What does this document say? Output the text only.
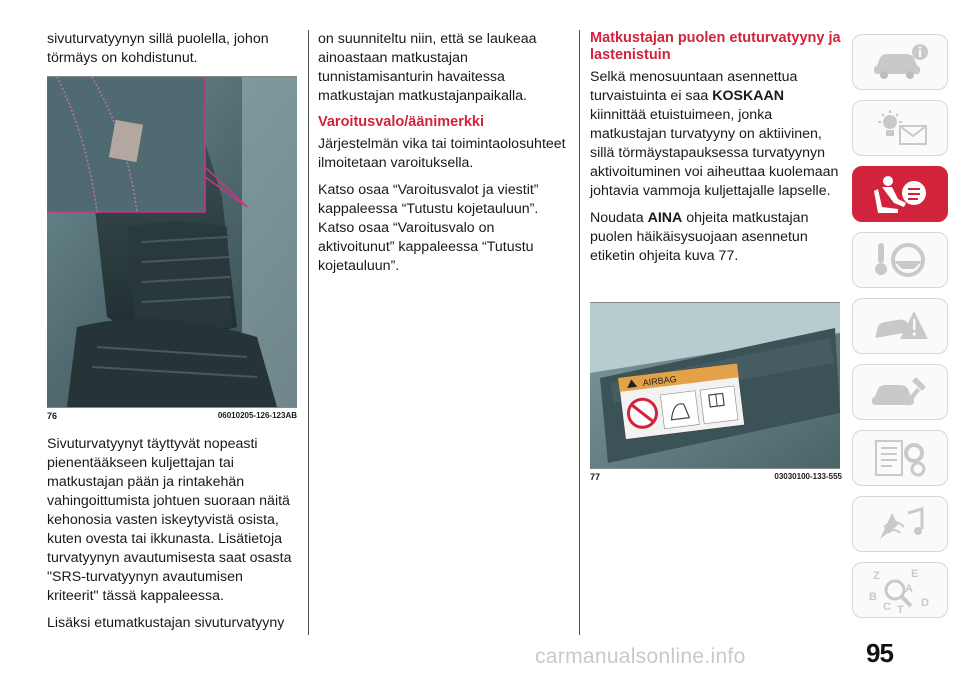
sivuturvatyynyn sillä puolella, johon törmäys on kohdistunut.

76	06010205-126-123AB

Sivuturvatyynyt täyttyvät nopeasti pienentääkseen kuljettajan tai matkustajan pään ja rintakehän vahingoittumista johtuen suoraan näitä kehonosia vasten iskeytyvistä osista, kuten ovesta tai ikkunasta. Lisätietoja turvatyynyn avautumisesta saat osasta "SRS-turvatyynyn avautumisen kriteerit" tässä kappaleessa.

Lisäksi etumatkustajan sivuturvatyyny

on suunniteltu niin, että se laukeaa ainoastaan matkustajan tunnistamisanturin havaitessa matkustajan matkustajanpaikalla.

Varoitusvalo/äänimerkki

Järjestelmän vika tai toimintaolosuhteet ilmoitetaan varoituksella.

Katso osaa “Varoitusvalot ja viestit” kappaleessa “Tutustu kojetauluun”. Katso osaa “Varoitusvalo on aktivoitunut” kappaleessa “Tutustu kojetauluun”.

Matkustajan puolen etuturvatyyny ja lastenistuin

Selkä menosuuntaan asennettua turvaistuinta ei saa KOSKAAN kiinnittää etuistuimeen, jonka matkustajan turvatyyny on aktiivinen, sillä törmäystapauksessa turvatyynyn aktivoituminen voi aiheuttaa kuolemaan johtavia vammoja kuljettajalle lapselle.

Noudata AINA ohjeita matkustajan puolen häikäisysuojaan asennetun etiketin ohjeita kuva 77.

AIRBAG
77	03030100-133-555
Z	E
A
B
C T
D
95
carmanualsonline.info
